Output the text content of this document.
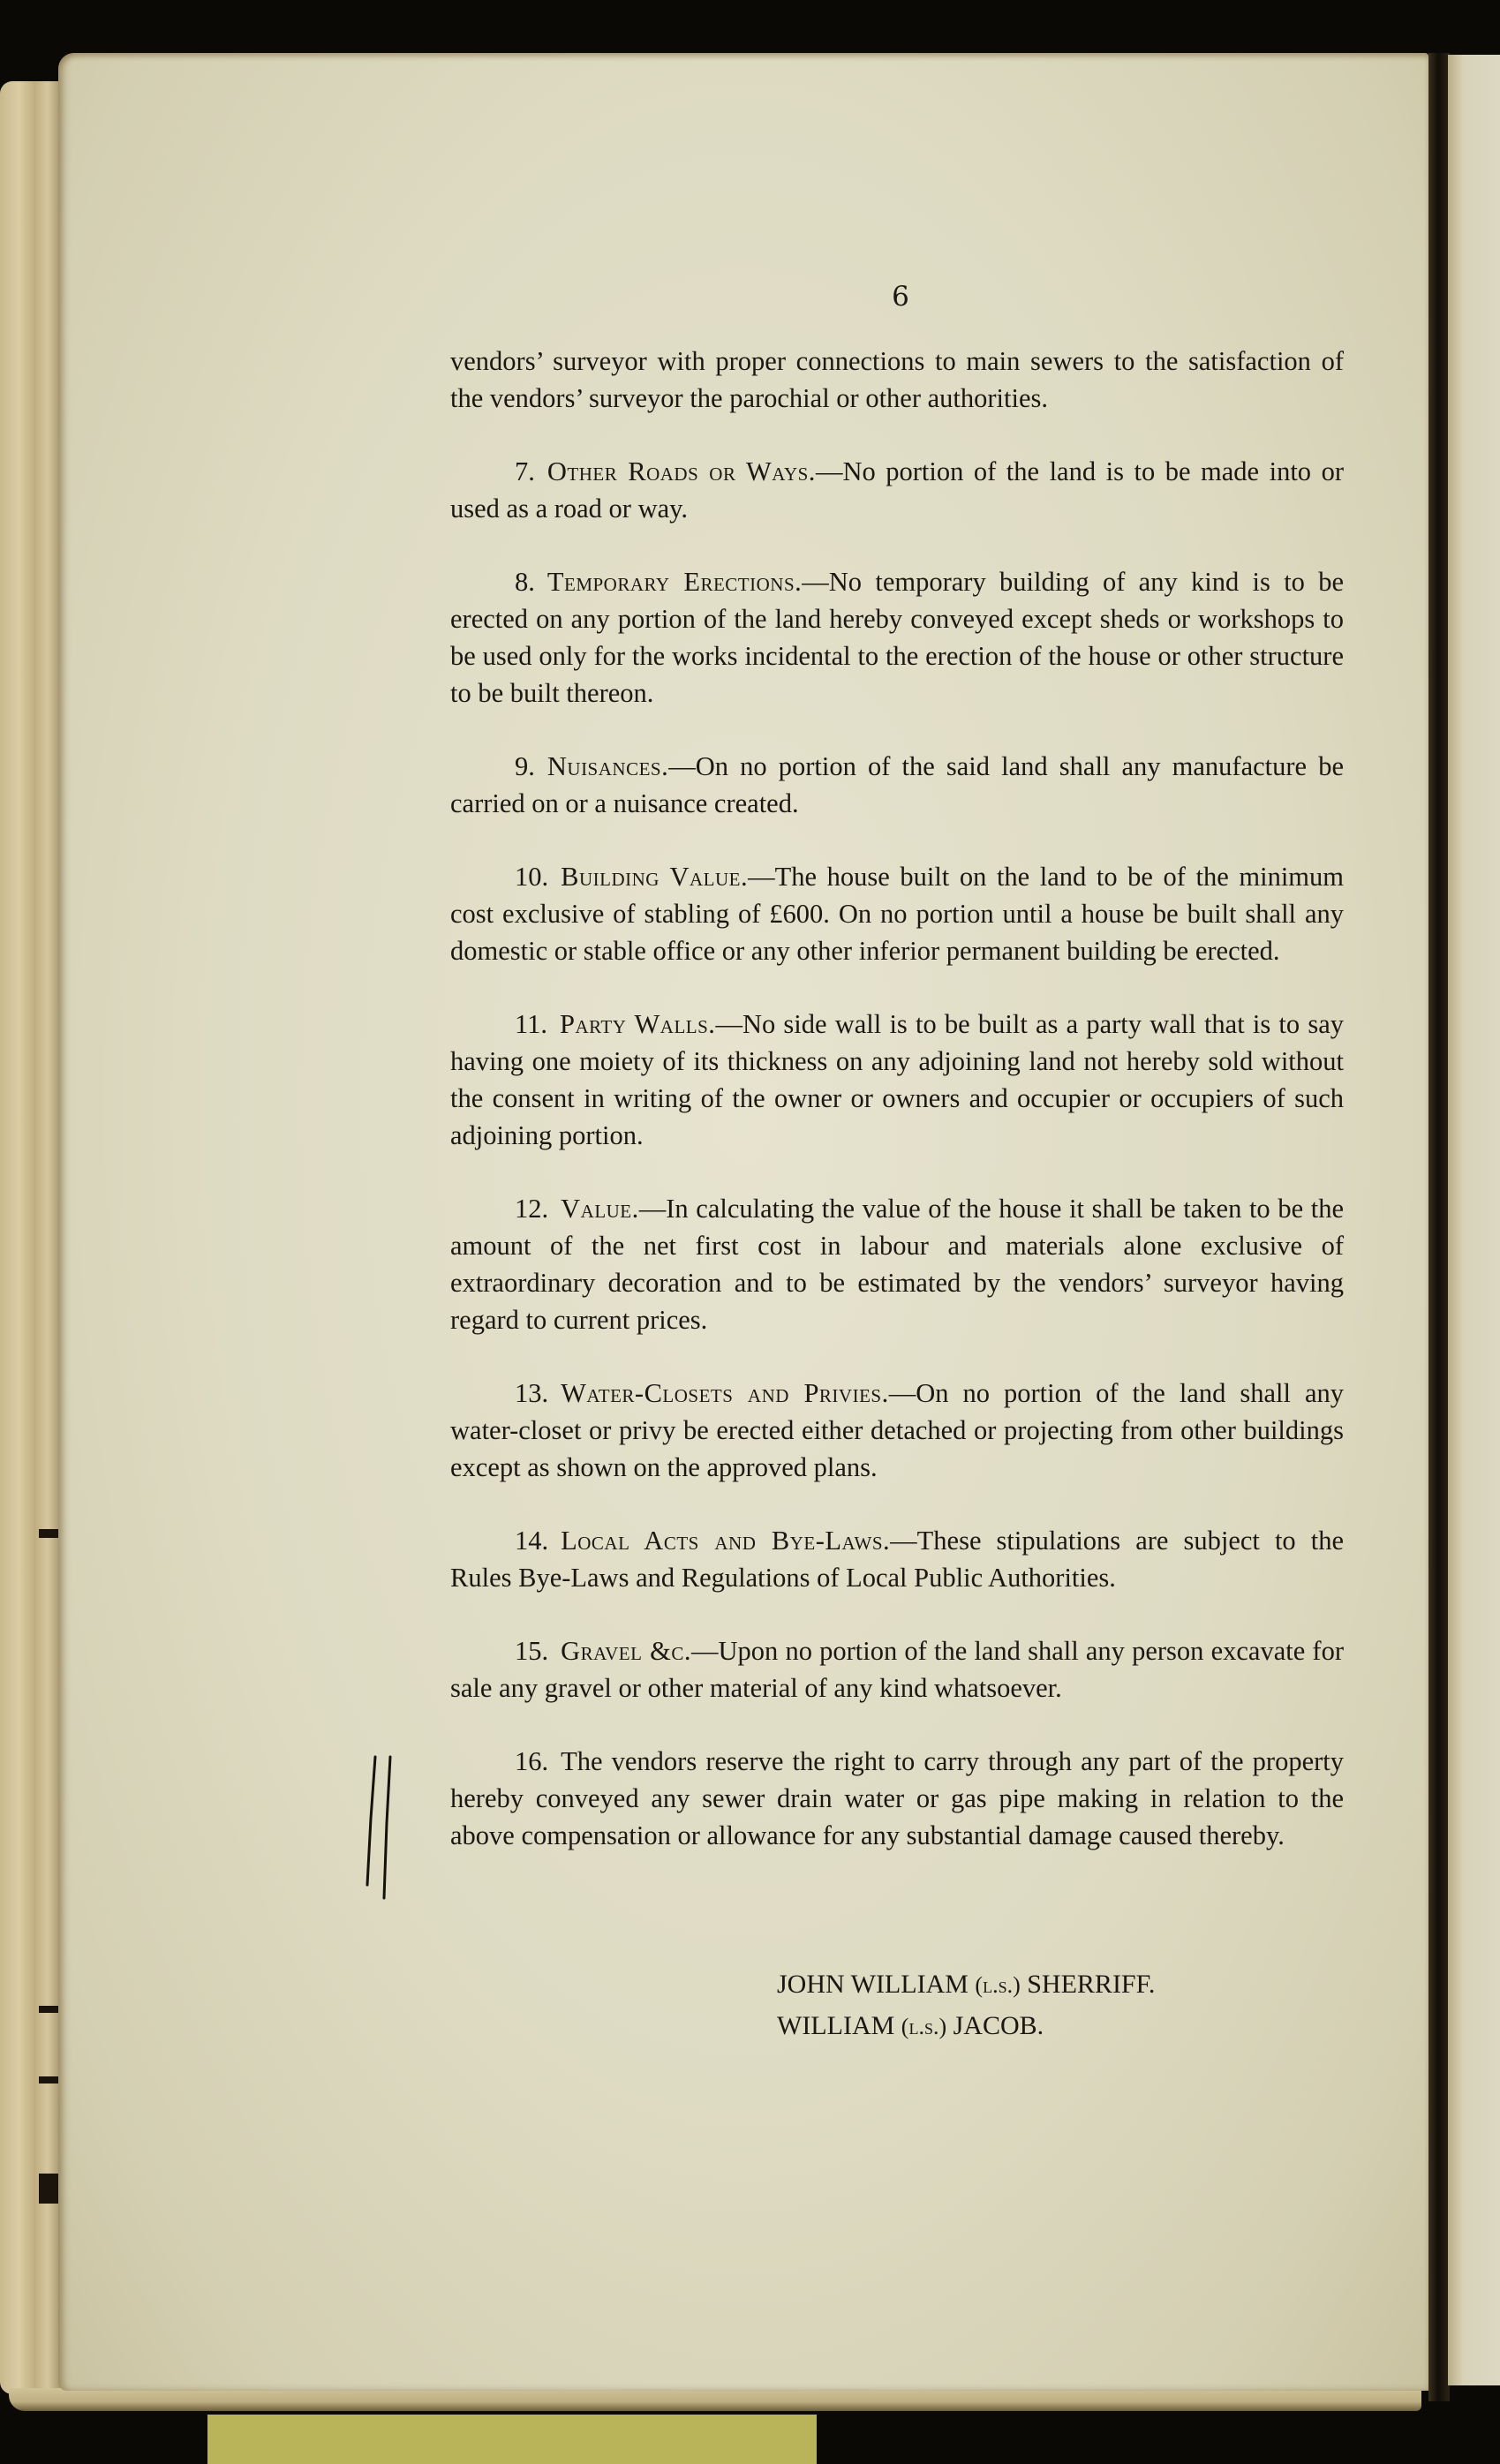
6

vendors’ surveyor with proper connections to main sewers to the satisfaction of the vendors’ surveyor the parochial or other authorities.

7. Other Roads or Ways.—No portion of the land is to be made into or used as a road or way.

8. Temporary Erections.—No temporary building of any kind is to be erected on any portion of the land hereby conveyed except sheds or workshops to be used only for the works incidental to the erection of the house or other structure to be built thereon.

9. Nuisances.—On no portion of the said land shall any manufacture be carried on or a nuisance created.

10. Building Value.—The house built on the land to be of the minimum cost exclusive of stabling of £600. On no portion until a house be built shall any domestic or stable office or any other inferior permanent building be erected.

11. Party Walls.—No side wall is to be built as a party wall that is to say having one moiety of its thickness on any adjoining land not hereby sold without the consent in writing of the owner or owners and occupier or occupiers of such adjoining portion.

12. Value.—In calculating the value of the house it shall be taken to be the amount of the net first cost in labour and materials alone exclusive of extraordinary decoration and to be estimated by the vendors’ surveyor having regard to current prices.

13. Water-Closets and Privies.—On no portion of the land shall any water-closet or privy be erected either detached or projecting from other buildings except as shown on the approved plans.

14. Local Acts and Bye-Laws.—These stipulations are subject to the Rules Bye-Laws and Regulations of Local Public Authorities.

15. Gravel &c.—Upon no portion of the land shall any person excavate for sale any gravel or other material of any kind whatsoever.

16. The vendors reserve the right to carry through any part of the property hereby conveyed any sewer drain water or gas pipe making in relation to the above compensation or allowance for any substantial damage caused thereby.

JOHN WILLIAM (l.s.) SHERRIFF.
WILLIAM (l.s.) JACOB.
